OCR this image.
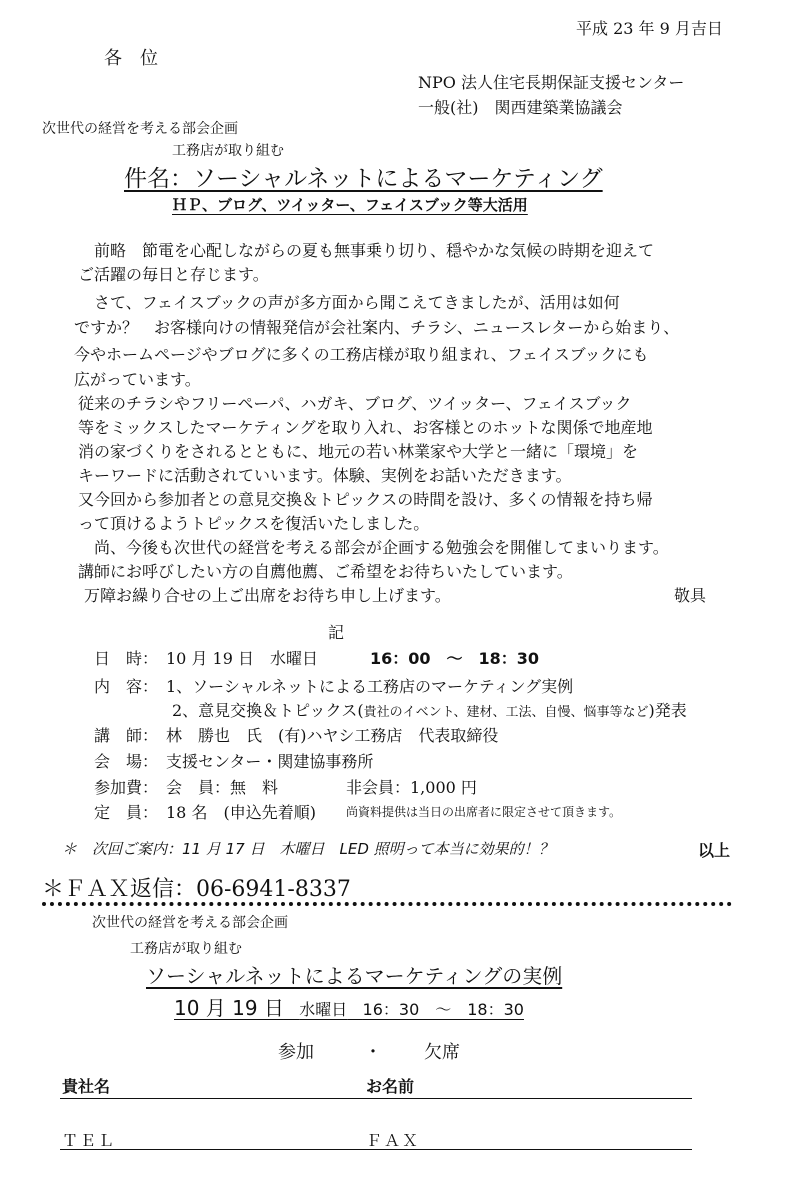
平成 23 年 9 月吉日
各　位
NPO 法人住宅長期保証支援センター
一般(社)　関西建築業協議会
次世代の経営を考える部会企画
工務店が取り組む
件名：ソーシャルネットによるマーケティング
ＨＰ、ブログ、ツイッター、フェイスブック等大活用
　前略　節電を心配しながらの夏も無事乗り切り、穏やかな気候の時期を迎えて
ご活躍の毎日と存じます。
　さて、フェイスブックの声が多方面から聞こえてきましたが、活用は如何
ですか？　お客様向けの情報発信が会社案内、チラシ、ニュースレターから始まり、
今やホームページやブログに多くの工務店様が取り組まれ、フェイスブックにも
広がっています。
従来のチラシやフリーペーパ、ハガキ、ブログ、ツイッター、フェイスブック
等をミックスしたマーケティングを取り入れ、お客様とのホットな関係で地産地
消の家づくりをされるとともに、地元の若い林業家や大学と一緒に「環境」を
キーワードに活動されていいます。体験、実例をお話いただきます。
又今回から参加者との意見交換＆トピックスの時間を設け、多くの情報を持ち帰
って頂けるようトピックスを復活いたしました。
　尚、今後も次世代の経営を考える部会が企画する勉強会を開催してまいります。
講師にお呼びしたい方の自薦他薦、ご希望をお待ちいたしています。
万障お繰り合せの上ご出席をお待ち申し上げます。	敬具
記
日　時： 10 月 19 日　水曜日　 16：00　～　18：30
内　容： 1、ソーシャルネットによる工務店のマーケティング実例
2、意見交換＆トピックス(貴社のイベント、建材、工法、自慢、悩事等など)発表
講　師： 林　勝也　氏　(有)ハヤシ工務店　代表取締役
会　場： 支援センター・関建協事務所
参加費： 会　員：無　料	非会員：1,000 円
定　員： 18 名　(申込先着順)	尚資料提供は当日の出席者に限定させて頂きます。
＊　次回ご案内：11 月 17 日　木曜日　LED 照明って本当に効果的！？	以上
＊ＦＡＸ返信：06-6941-8337
次世代の経営を考える部会企画
工務店が取り組む
ソーシャルネットによるマーケティングの実例
10 月 19 日 水曜日 16：30　～　18：30
参加	・ 欠席
貴社名	お名前
ＴＥＬ	ＦＡＸ
